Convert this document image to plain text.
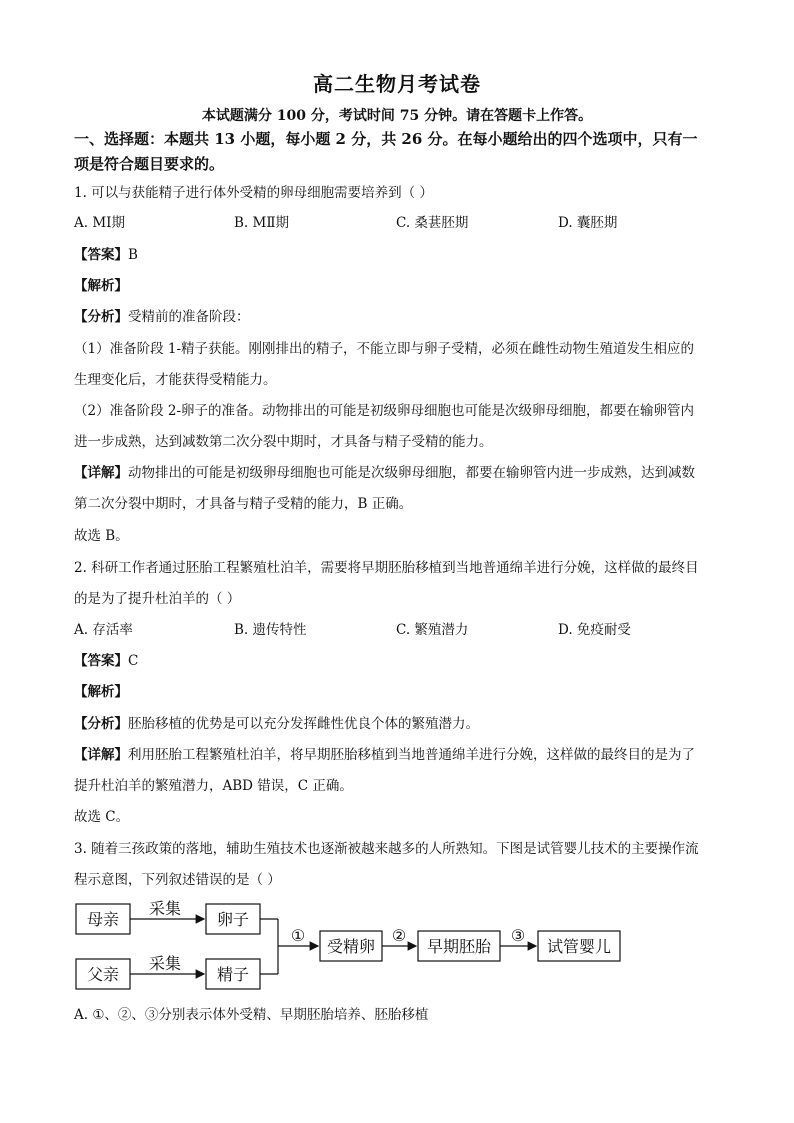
高二生物月考试卷
本试题满分 100 分，考试时间 75 分钟。请在答题卡上作答。
一、选择题：本题共 13 小题，每小题 2 分，共 26 分。在每小题给出的四个选项中，只有一
项是符合题目要求的。
1. 可以与获能精子进行体外受精的卵母细胞需要培养到（ ）
A. MⅠ期	B. MⅡ期	C. 桑葚胚期	D. 囊胚期
【答案】B
【解析】
【分析】受精前的准备阶段：
（1）准备阶段 1-精子获能。刚刚排出的精子，不能立即与卵子受精，必须在雌性动物生殖道发生相应的
生理变化后，才能获得受精能力。
（2）准备阶段 2-卵子的准备。动物排出的可能是初级卵母细胞也可能是次级卵母细胞，都要在输卵管内
进一步成熟，达到减数第二次分裂中期时，才具备与精子受精的能力。
【详解】动物排出的可能是初级卵母细胞也可能是次级卵母细胞，都要在输卵管内进一步成熟，达到减数
第二次分裂中期时，才具备与精子受精的能力，B 正确。
故选 B。
2. 科研工作者通过胚胎工程繁殖杜泊羊，需要将早期胚胎移植到当地普通绵羊进行分娩，这样做的最终目
的是为了提升杜泊羊的（ ）
A. 存活率	B. 遗传特性	C. 繁殖潜力	D. 免疫耐受
【答案】C
【解析】
【分析】胚胎移植的优势是可以充分发挥雌性优良个体的繁殖潜力。
【详解】利用胚胎工程繁殖杜泊羊，将早期胚胎移植到当地普通绵羊进行分娩，这样做的最终目的是为了
提升杜泊羊的繁殖潜力，ABD 错误，C 正确。
故选 C。
3. 随着三孩政策的落地，辅助生殖技术也逐渐被越来越多的人所熟知。下图是试管婴儿技术的主要操作流
程示意图，下列叙述错误的是（ ）
母亲	卵子
父亲	精子
采集
采集
受精卵	早期胚胎	试管婴儿
①	②	③
A. ①、②、③分别表示体外受精、早期胚胎培养、胚胎移植
